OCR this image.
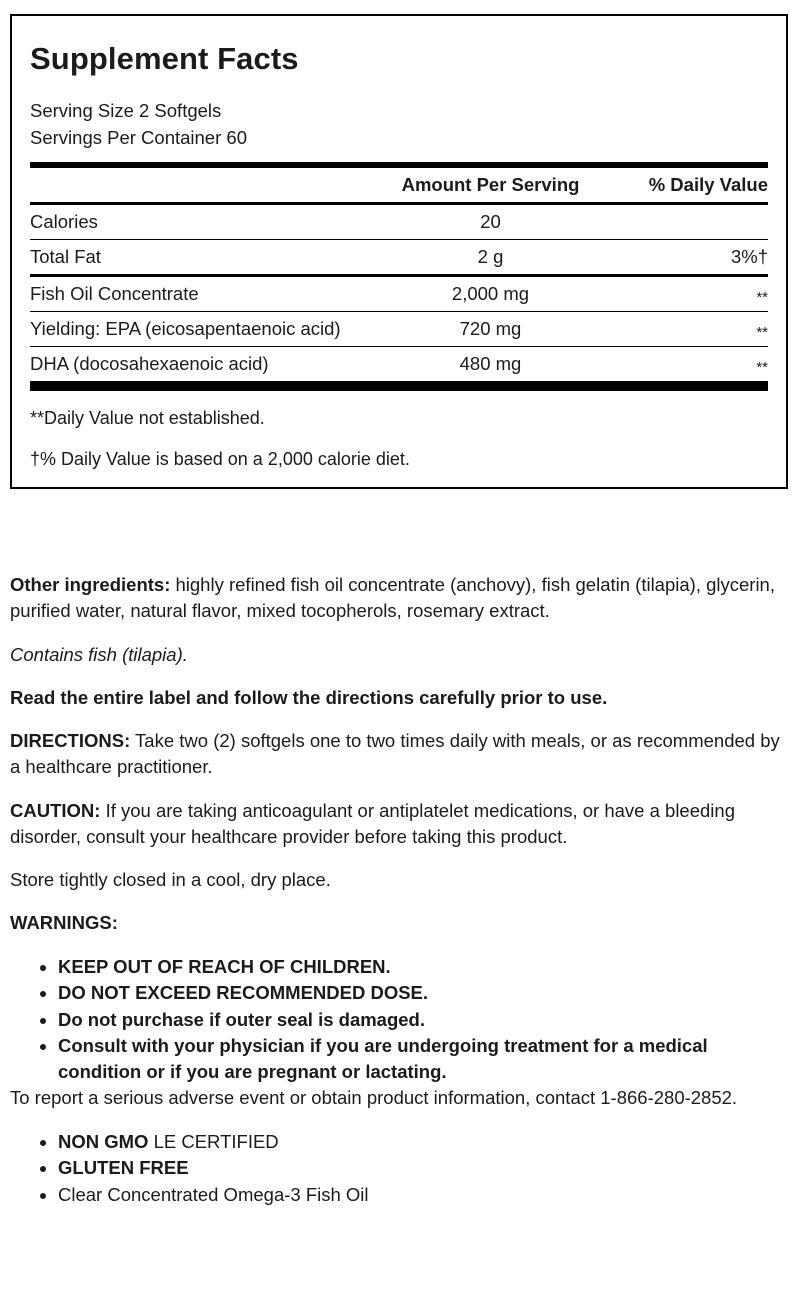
Supplement Facts
Serving Size 2 Softgels
Servings Per Container 60
	Amount Per Serving	% Daily Value
Calories	20	
Total Fat	2 g	3%†
Fish Oil Concentrate	2,000 mg	**
Yielding: EPA (eicosapentaenoic acid)	720 mg	**
DHA (docosahexaenoic acid)	480 mg	**

**Daily Value not established.

†% Daily Value is based on a 2,000 calorie diet.

Other ingredients: highly refined fish oil concentrate (anchovy), fish gelatin (tilapia), glycerin, purified water, natural flavor, mixed tocopherols, rosemary extract.

Contains fish (tilapia).

Read the entire label and follow the directions carefully prior to use.

DIRECTIONS: Take two (2) softgels one to two times daily with meals, or as recommended by a healthcare practitioner.

CAUTION: If you are taking anticoagulant or antiplatelet medications, or have a bleeding disorder, consult your healthcare provider before taking this product.

Store tightly closed in a cool, dry place.

WARNINGS:

• KEEP OUT OF REACH OF CHILDREN.
• DO NOT EXCEED RECOMMENDED DOSE.
• Do not purchase if outer seal is damaged.
• Consult with your physician if you are undergoing treatment for a medical condition or if you are pregnant or lactating.

To report a serious adverse event or obtain product information, contact 1-866-280-2852.

• NON GMO LE CERTIFIED
• GLUTEN FREE
• Clear Concentrated Omega-3 Fish Oil
